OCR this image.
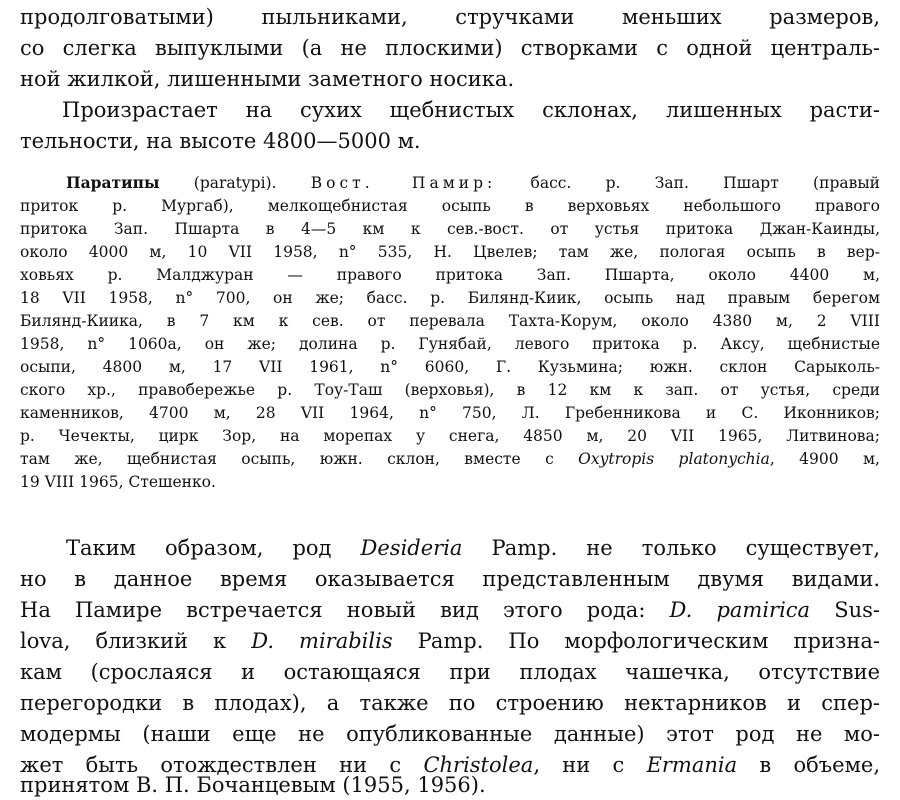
продолговатыми) пыльниками, стручками меньших размеров,
со слегка выпуклыми (а не плоскими) створками с одной централь-
ной жилкой, лишенными заметного носика.
Произрастает на сухих щебнистых склонах, лишенных расти-
тельности, на высоте 4800—5000 м.
Паратипы (paratypi). Вост. Памир: басс. р. Зап. Пшарт (правый
приток р. Мургаб), мелкощебнистая осыпь в верховьях небольшого правого
притока Зап. Пшарта в 4—5 км к сев.-вост. от устья притока Джан-Каинды,
около 4000 м, 10 VII 1958, n° 535, Н. Цвелев; там же, пологая осыпь в вер-
ховьях р. Малджуран — правого притока Зап. Пшарта, около 4400 м,
18 VII 1958, n° 700, он же; басс. р. Билянд-Киик, осыпь над правым берегом
Билянд-Киика, в 7 км к сев. от перевала Тахта-Корум, около 4380 м, 2 VIII
1958, n° 1060а, он же; долина р. Гунябай, левого притока р. Аксу, щебнистые
осыпи, 4800 м, 17 VII 1961, n° 6060, Г. Кузьмина; южн. склон Сарыколь-
ского хр., правобережье р. Тоу-Таш (верховья), в 12 км к зап. от устья, среди
каменников, 4700 м, 28 VII 1964, n° 750, Л. Гребенникова и С. Иконников;
р. Чечекты, цирк Зор, на морепах у снега, 4850 м, 20 VII 1965, Литвинова;
там же, щебнистая осыпь, южн. склон, вместе с Oxytropis platonychia, 4900 м,
19 VIII 1965, Стешенко.
Таким образом, род Desideria Pamp. не только существует,
но в данное время оказывается представленным двумя видами.
На Памире встречается новый вид этого рода: D. pamirica Sus-
lova, близкий к D. mirabilis Pamp. По морфологическим призна-
кам (срослаяся и остающаяся при плодах чашечка, отсутствие
перегородки в плодах), а также по строению нектарников и спер-
модермы (наши еще не опубликованные данные) этот род не мо-
жет быть отождествлен ни с Christolea, ни с Ermania в объеме,
принятом В. П. Бочанцевым (1955, 1956).
